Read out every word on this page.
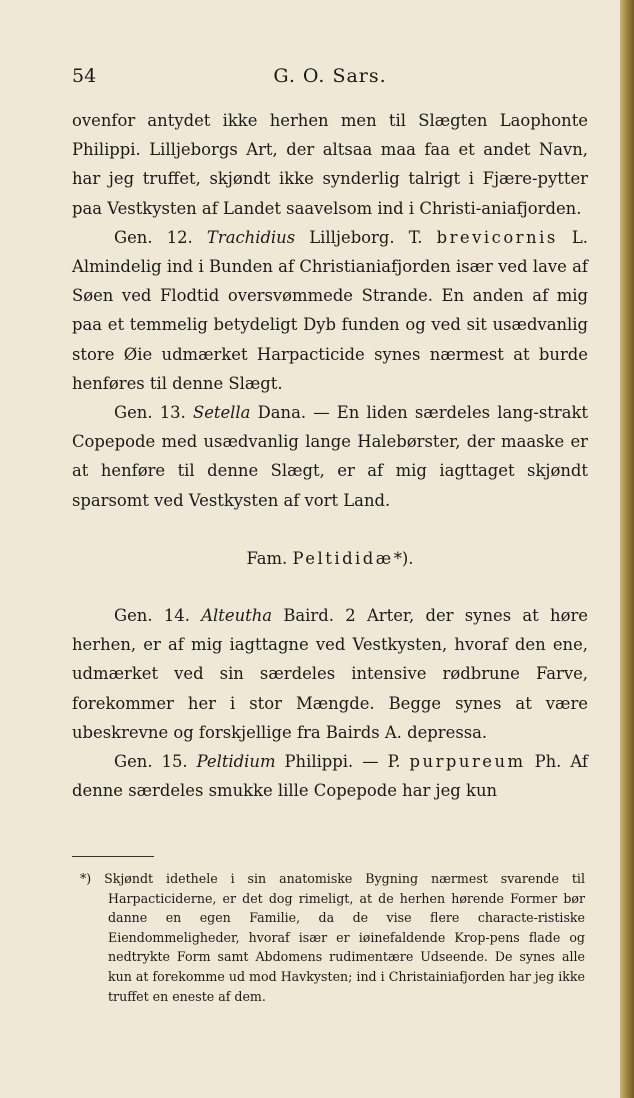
54	G. O. Sars.

ovenfor antydet ikke herhen men til Slægten Laophonte Philippi. Lilljeborgs Art, der altsaa maa faa et andet Navn, har jeg truffet, skjøndt ikke synderlig talrigt i Fjære-pytter paa Vestkysten af Landet saavelsom ind i Christi-aniafjorden.

Gen. 12. Trachidius Lilljeborg. T. brevicornis L. Almindelig ind i Bunden af Christianiafjorden især ved lave af Søen ved Flodtid oversvømmede Strande. En anden af mig paa et temmelig betydeligt Dyb funden og ved sit usædvanlig store Øie udmærket Harpacticide synes nærmest at burde henføres til denne Slægt.

Gen. 13. Setella Dana. — En liden særdeles lang-strakt Copepode med usædvanlig lange Halebørster, der maaske er at henføre til denne Slægt, er af mig iagttaget skjøndt sparsomt ved Vestkysten af vort Land.

Fam. Peltididæ*).

Gen. 14. Alteutha Baird. 2 Arter, der synes at høre herhen, er af mig iagttagne ved Vestkysten, hvoraf den ene, udmærket ved sin særdeles intensive rødbrune Farve, forekommer her i stor Mængde. Begge synes at være ubeskrevne og forskjellige fra Bairds A. depressa.

Gen. 15. Peltidium Philippi. — P. purpureum Ph. Af denne særdeles smukke lille Copepode har jeg kun

*) Skjøndt idethele i sin anatomiske Bygning nærmest svarende til Harpacticiderne, er det dog rimeligt, at de herhen hørende Former bør danne en egen Familie, da de vise flere characte-ristiske Eiendommeligheder, hvoraf især er iøinefaldende Krop-pens flade og nedtrykte Form samt Abdomens rudimentære Udseende. De synes alle kun at forekomme ud mod Havkysten; ind i Christainiafjorden har jeg ikke truffet en eneste af dem.
